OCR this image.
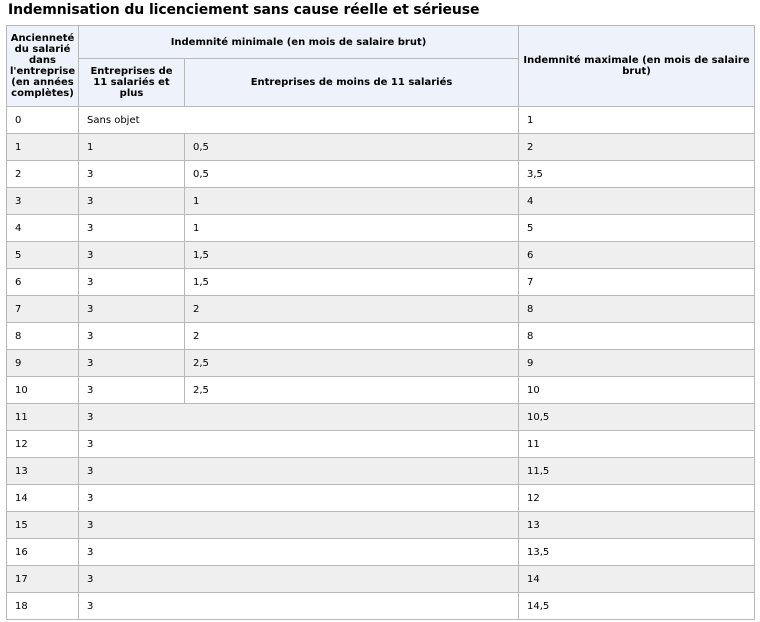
Indemnisation du licenciement sans cause réelle et sérieuse
Ancienneté du salarié dans l'entreprise (en années complètes)	Indemnité minimale (en mois de salaire brut)		Indemnité maximale (en mois de salaire brut)
	Entreprises de 11 salariés et plus	Entreprises de moins de 11 salariés	
0	Sans objet		1
1	1	0,5	2
2	3	0,5	3,5
3	3	1	4
4	3	1	5
5	3	1,5	6
6	3	1,5	7
7	3	2	8
8	3	2	8
9	3	2,5	9
10	3	2,5	10
11	3		10,5
12	3		11
13	3		11,5
14	3		12
15	3		13
16	3		13,5
17	3		14
18	3		14,5
